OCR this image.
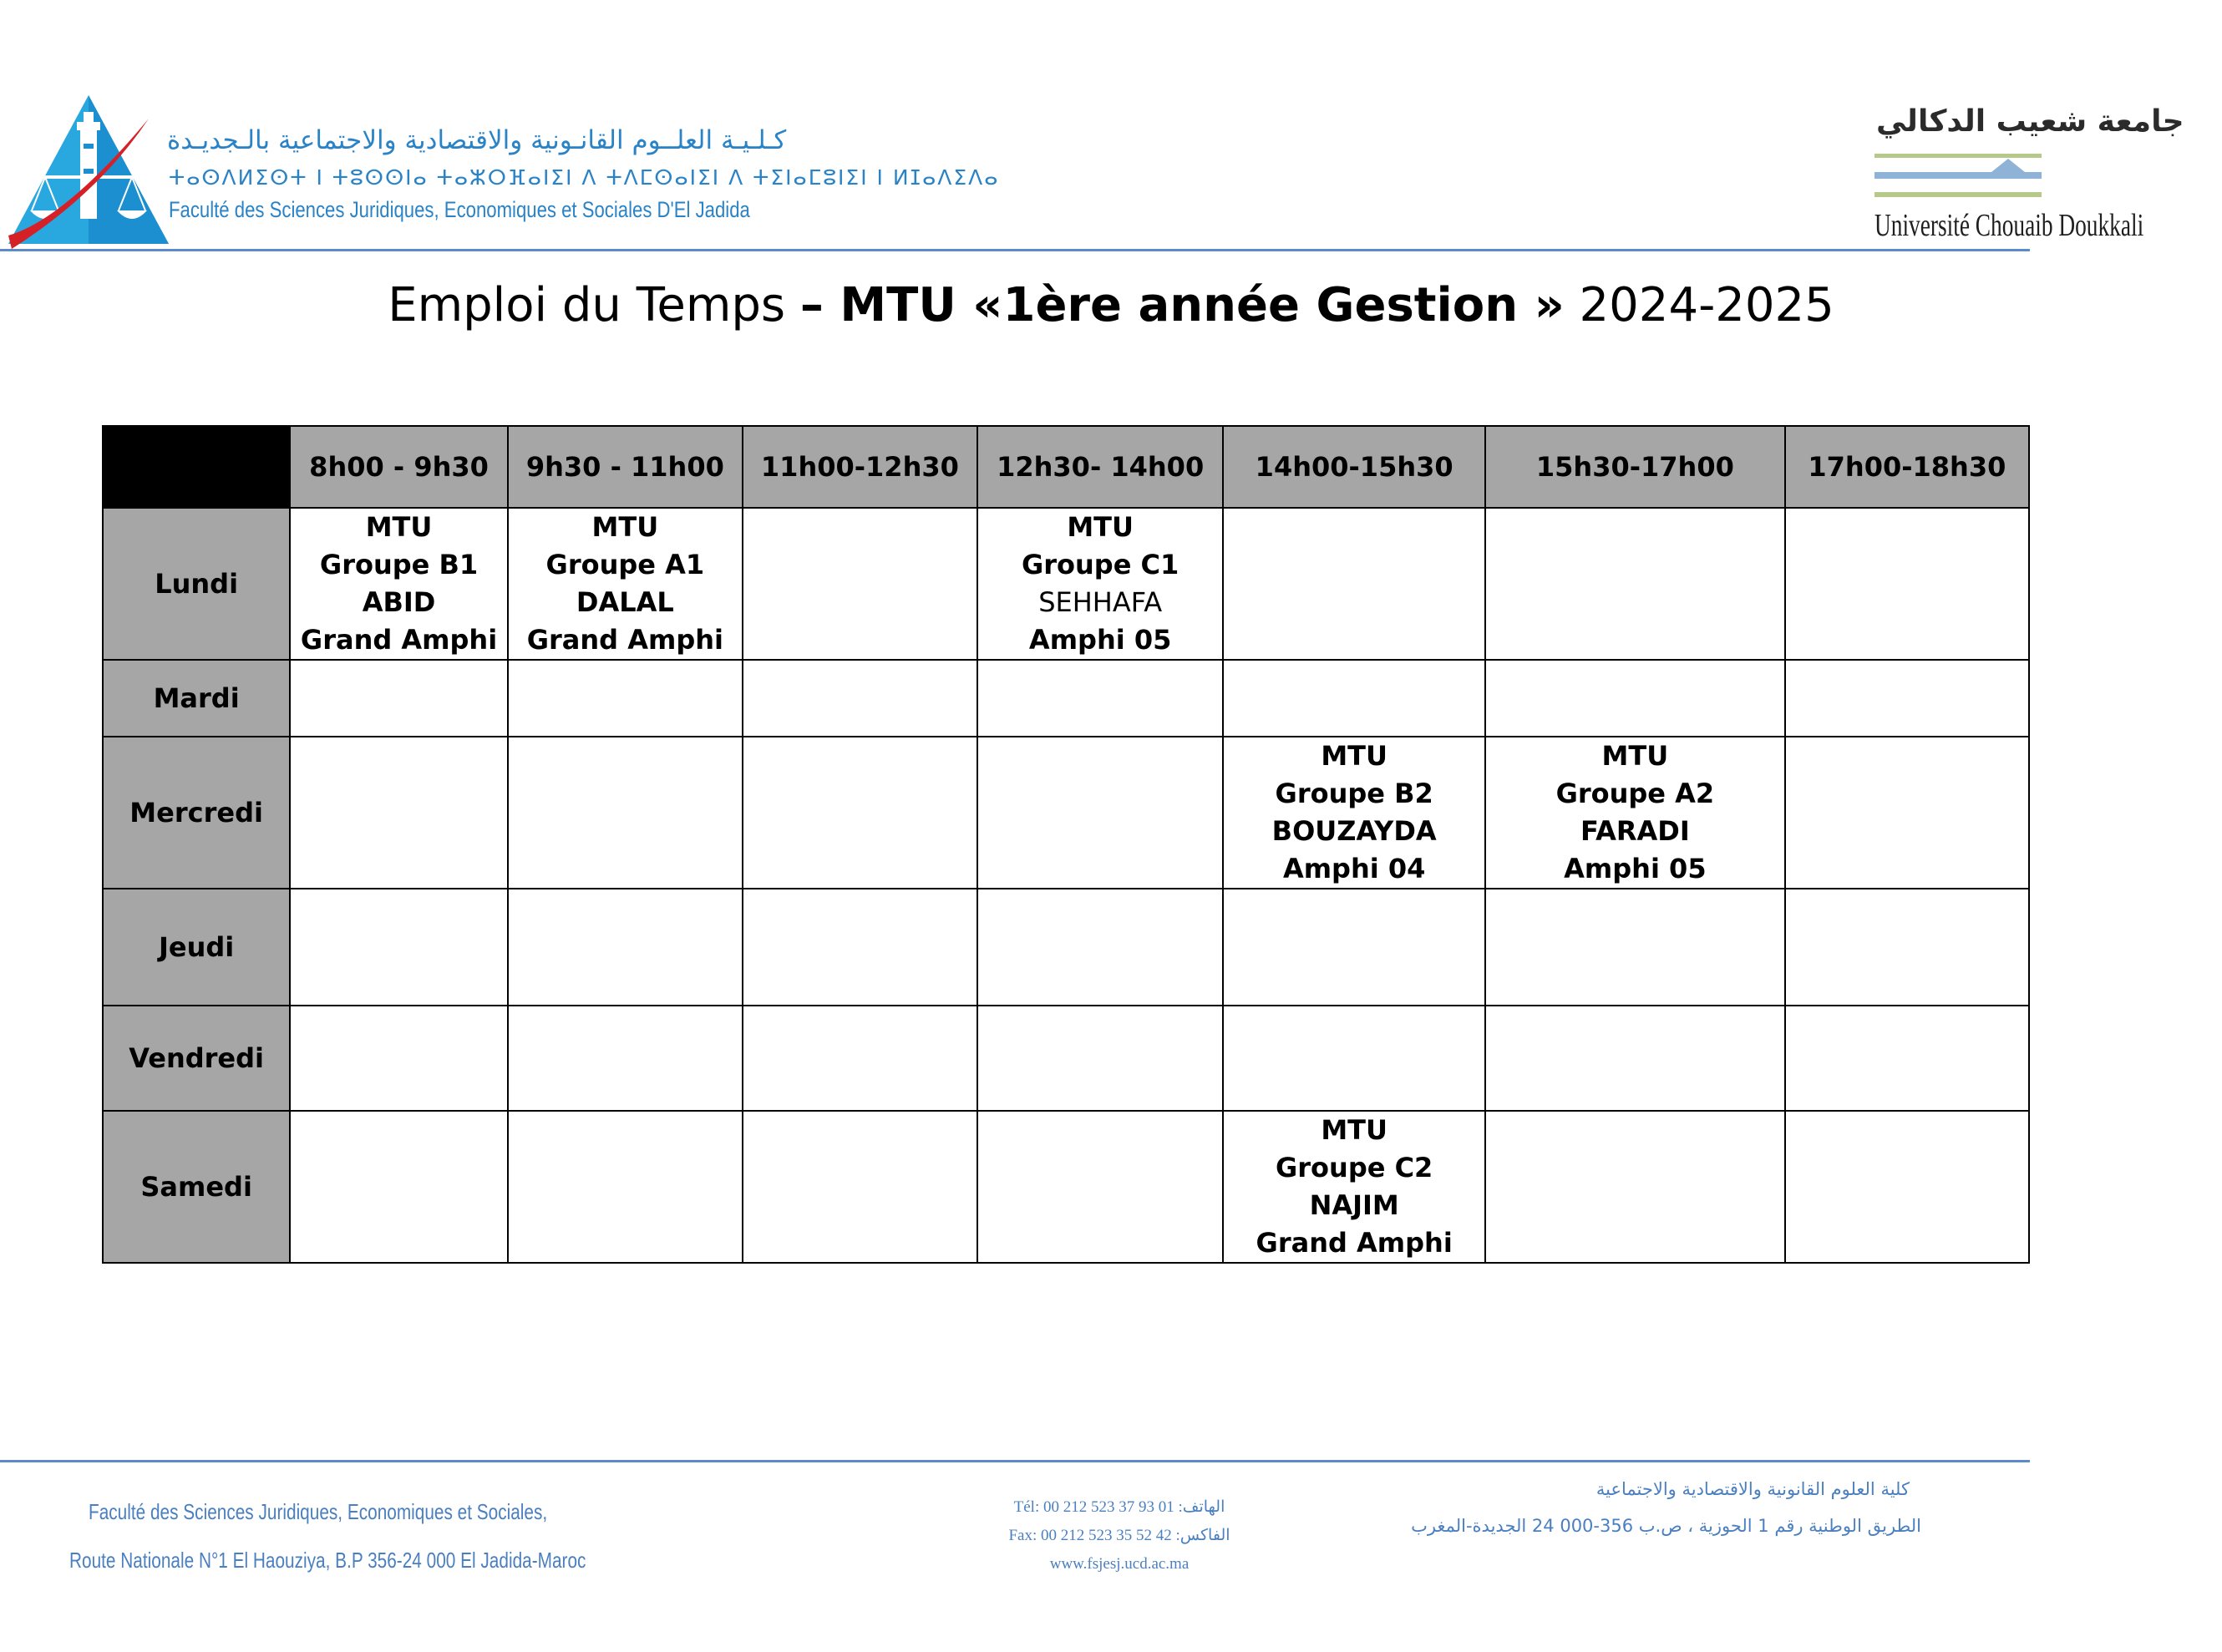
كـلـيـة العلــوم القانـونية والاقتصادية والاجتماعية بالـجديـدة
ⵜⴰⵙⴷⵍⵉⵙⵜ ⵏ ⵜⵓⵙⵙⵏⴰ ⵜⴰⵣⵔⴼⴰⵏⵉⵏ ⴷ ⵜⴷⵎⵙⴰⵏⵉⵏ ⴷ ⵜⵉⵏⴰⵎⵓⵏⵉⵏ ⵏ ⵍⵊⴰⴷⵉⴷⴰ
Faculté des Sciences Juridiques, Economiques et Sociales D'El Jadida
جامعة شعيب الدكالي
Université Chouaib Doukkali
Emploi du Temps – MTU «1ère année Gestion » 2024-2025
	8h00 - 9h30	9h30 - 11h00	11h00-12h30	12h30- 14h00	14h00-15h30	15h30-17h00	17h00-18h30
Lundi	MTU
Groupe B1
ABID
Grand Amphi	MTU
Groupe A1
DALAL
Grand Amphi		MTU
Groupe C1
SEHHAFA
Amphi 05			

Mardi							
Mercredi					MTU
Groupe B2
BOUZAYDA
Amphi 04	MTU
Groupe A2
FARADI
Amphi 05	

Jeudi							
Vendredi							
Samedi					MTU
Groupe C2
NAJIM
Grand Amphi		

Faculté des Sciences Juridiques, Economiques et Sociales,
Route Nationale N°1 El Haouziya, B.P 356-24 000 El Jadida-Maroc
Tél: 00 212 523 37 93 01 :الهاتف
Fax: 00 212 523 35 52 42 :الفاكس
www.fsjesj.ucd.ac.ma
كلية العلوم القانونية والاقتصادية والاجتماعية
الطريق الوطنية رقم 1 الحوزية ، ص.ب 356-000 24 الجديدة-المغرب
